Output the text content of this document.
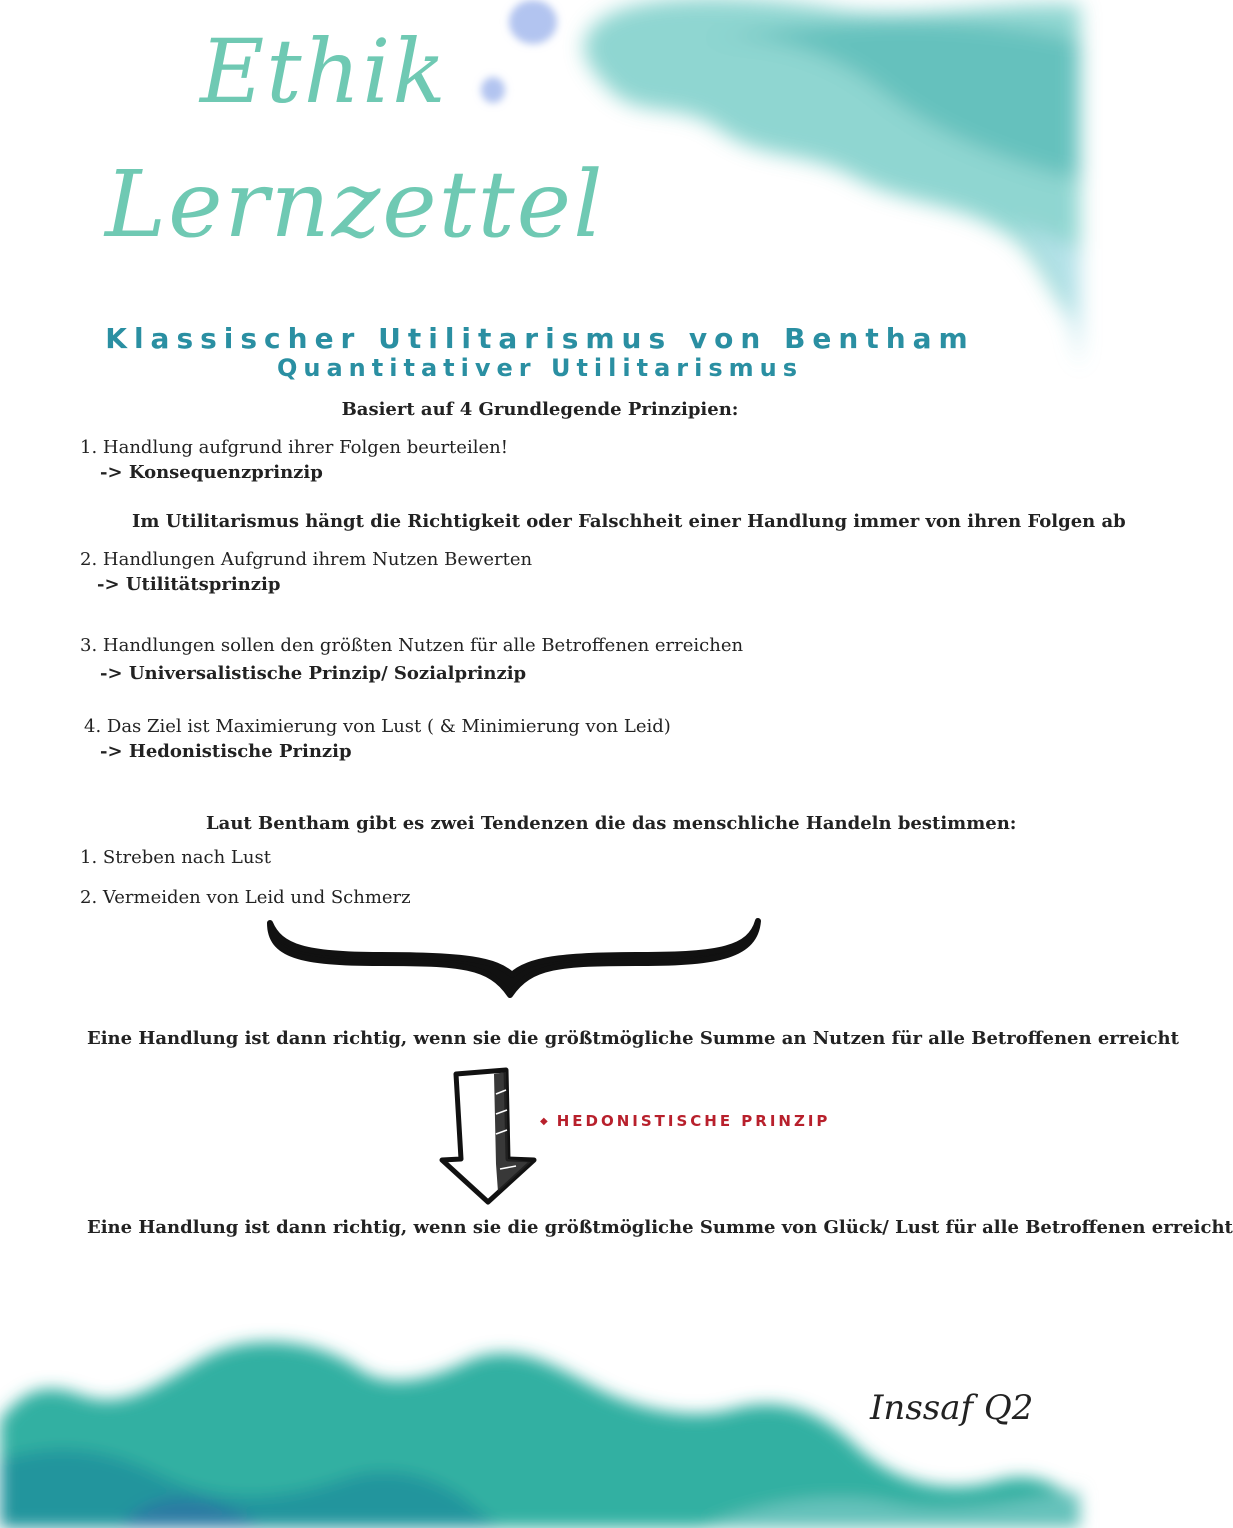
Ethik
Lernzettel
Klassischer Utilitarismus von Bentham
Quantitativer Utilitarismus
Basiert auf 4 Grundlegende Prinzipien:
1. Handlung aufgrund ihrer Folgen beurteilen!
-> Konsequenzprinzip
Im Utilitarismus hängt die Richtigkeit oder Falschheit einer Handlung immer von ihren Folgen ab
2. Handlungen Aufgrund ihrem Nutzen Bewerten
-> Utilitätsprinzip
3. Handlungen sollen den größten Nutzen für alle Betroffenen erreichen
-> Universalistische Prinzip/ Sozialprinzip
4. Das Ziel ist Maximierung von Lust ( & Minimierung von Leid)
-> Hedonistische Prinzip
Laut Bentham gibt es zwei Tendenzen die das menschliche Handeln bestimmen:
1. Streben nach Lust
2. Vermeiden von Leid und Schmerz
Eine Handlung ist dann richtig, wenn sie die größtmögliche Summe an Nutzen für alle Betroffenen erreicht
◆ HEDONISTISCHE PRINZIP
Eine Handlung ist dann richtig, wenn sie die größtmögliche Summe von Glück/ Lust für alle Betroffenen erreicht
Inssaf Q2
